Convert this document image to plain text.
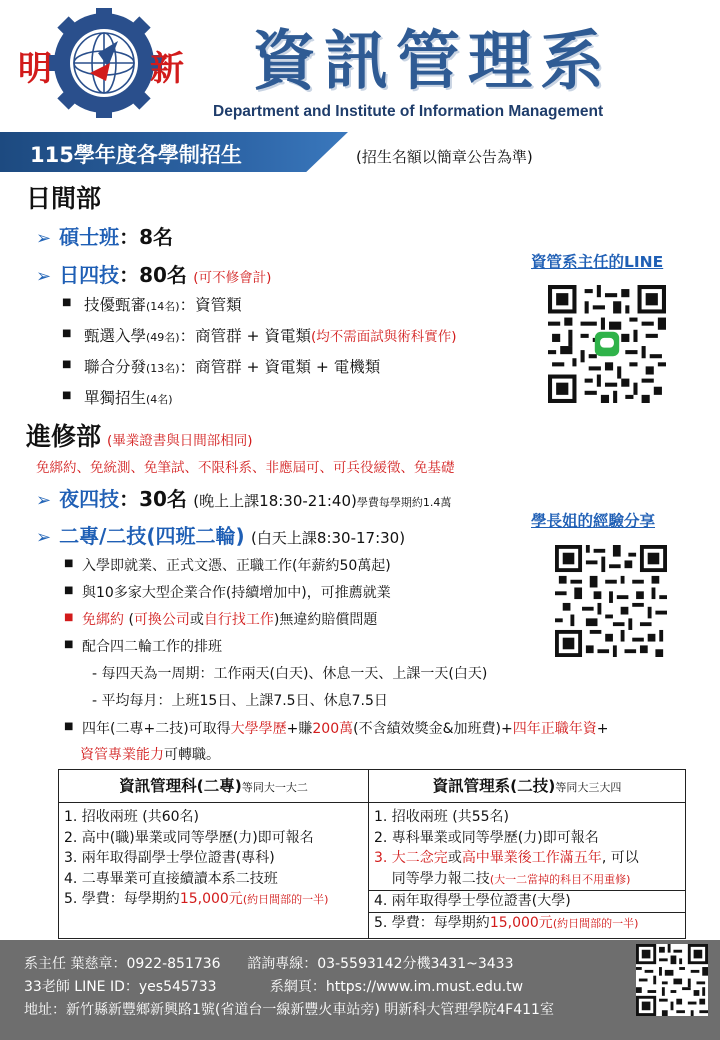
明	新 資訊管理系
Department and Institute of Information Management
115學年度各學制招生	(招生名額以簡章公告為準)
日間部
➢ 碩士班：8名
➢ 日四技：80名 (可不修會計)
■ 技優甄審(14名)：資管類
■ 甄選入學(49名)：商管群 + 資電類(均不需面試與術科實作)
■ 聯合分發(13名)：商管群 + 資電類 + 電機類
■ 單獨招生(4名)
資管系主任的LINE
進修部 (畢業證書與日間部相同)
免綁約、免統測、免筆試、不限科系、非應屆可、可兵役緩徵、免基礎
➢ 夜四技：30名 (晚上上課18:30-21:40)學費每學期約1.4萬
➢ 二專/二技(四班二輪) (白天上課8:30-17:30)
學長姐的經驗分享
■ 入學即就業、正式文憑、正職工作(年薪約50萬起)
■ 與10多家大型企業合作(持續增加中)，可推薦就業
■ 免綁約 (可換公司或自行找工作)無違約賠償問題
■ 配合四二輪工作的排班
- 每四天為一周期：工作兩天(白天)、休息一天、上課一天(白天)
- 平均每月：上班15日、上課7.5日、休息7.5日
■ 四年(二專+二技)可取得大學學歷+賺200萬(不含績效獎金&加班費)+四年正職年資+
資管專業能力可轉職。
資訊管理科(二專)等同大一大二
1. 招收兩班 (共60名)
2. 高中(職)畢業或同等學歷(力)即可報名
3. 兩年取得副學士學位證書(專科)
4. 二專畢業可直接續讀本系二技班
5. 學費：每學期約15,000元(約日間部的一半)
資訊管理系(二技)等同大三大四
1. 招收兩班 (共55名)
2. 專科畢業或同等學歷(力)即可報名
3. 大二念完或高中畢業後工作滿五年, 可以
同等學力報二技(大一二當掉的科目不用重修)
4. 兩年取得學士學位證書(大學)
5. 學費：每學期約15,000元(約日間部的一半)
系主任 葉慈章：0922-851736      諮詢專線：03-5593142分機3431~3433
33老師 LINE ID：yes545733            系網頁：https://www.im.must.edu.tw
地址：新竹縣新豐鄉新興路1號(省道台一線新豐火車站旁) 明新科大管理學院4F411室
